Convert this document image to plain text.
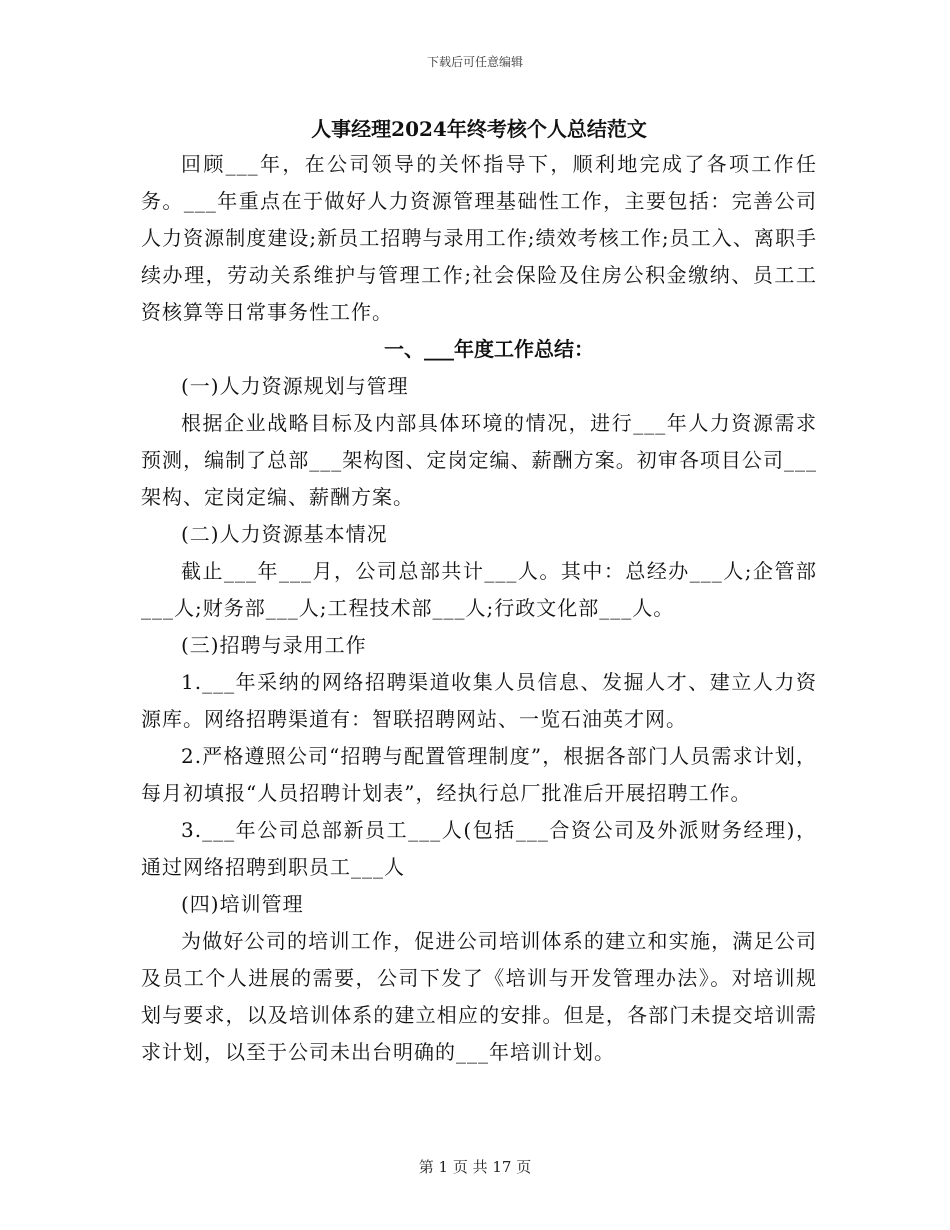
下载后可任意编辑
人事经理2024年终考核个人总结范文

回顾___年，在公司领导的关怀指导下，顺利地完成了各项工作任务。___年重点在于做好人力资源管理基础性工作，主要包括：完善公司人力资源制度建设;新员工招聘与录用工作;绩效考核工作;员工入、离职手续办理，劳动关系维护与管理工作;社会保险及住房公积金缴纳、员工工资核算等日常事务性工作。

一、___年度工作总结：

(一)人力资源规划与管理

根据企业战略目标及内部具体环境的情况，进行___年人力资源需求预测，编制了总部___架构图、定岗定编、薪酬方案。初审各项目公司___架构、定岗定编、薪酬方案。

(二)人力资源基本情况

截止___年___月，公司总部共计___人。其中：总经办___人;企管部___人;财务部___人;工程技术部___人;行政文化部___人。

(三)招聘与录用工作

1.___年采纳的网络招聘渠道收集人员信息、发掘人才、建立人力资源库。网络招聘渠道有：智联招聘网站、一览石油英才网。

2.严格遵照公司“招聘与配置管理制度”，根据各部门人员需求计划，每月初填报“人员招聘计划表”，经执行总厂批准后开展招聘工作。

3.___年公司总部新员工___人(包括___合资公司及外派财务经理)，通过网络招聘到职员工___人

(四)培训管理

为做好公司的培训工作，促进公司培训体系的建立和实施，满足公司及员工个人进展的需要，公司下发了《培训与开发管理办法》。对培训规划与要求，以及培训体系的建立相应的安排。但是，各部门未提交培训需求计划，以至于公司未出台明确的___年培训计划。

第 1 页 共 17 页
